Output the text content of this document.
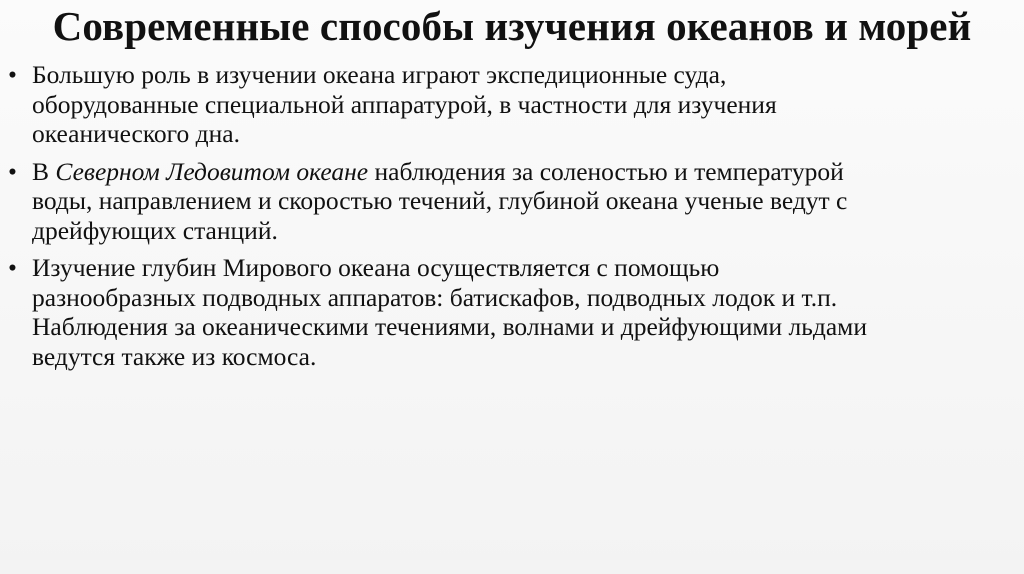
Современные способы изучения океанов и морей
• Большую роль в изучении океана играют экспедиционные суда,
оборудованные специальной аппаратурой, в частности для изучения
океанического дна.
• В Северном Ледовитом океане наблюдения за соленостью и температурой
воды, направлением и скоростью течений, глубиной океана ученые ведут с
дрейфующих станций.
• Изучение глубин Мирового океана осуществляется с помощью
разнообразных подводных аппаратов: батискафов, подводных лодок и т.п.
Наблюдения за океаническими течениями, волнами и дрейфующими льдами
ведутся также из космоса.
